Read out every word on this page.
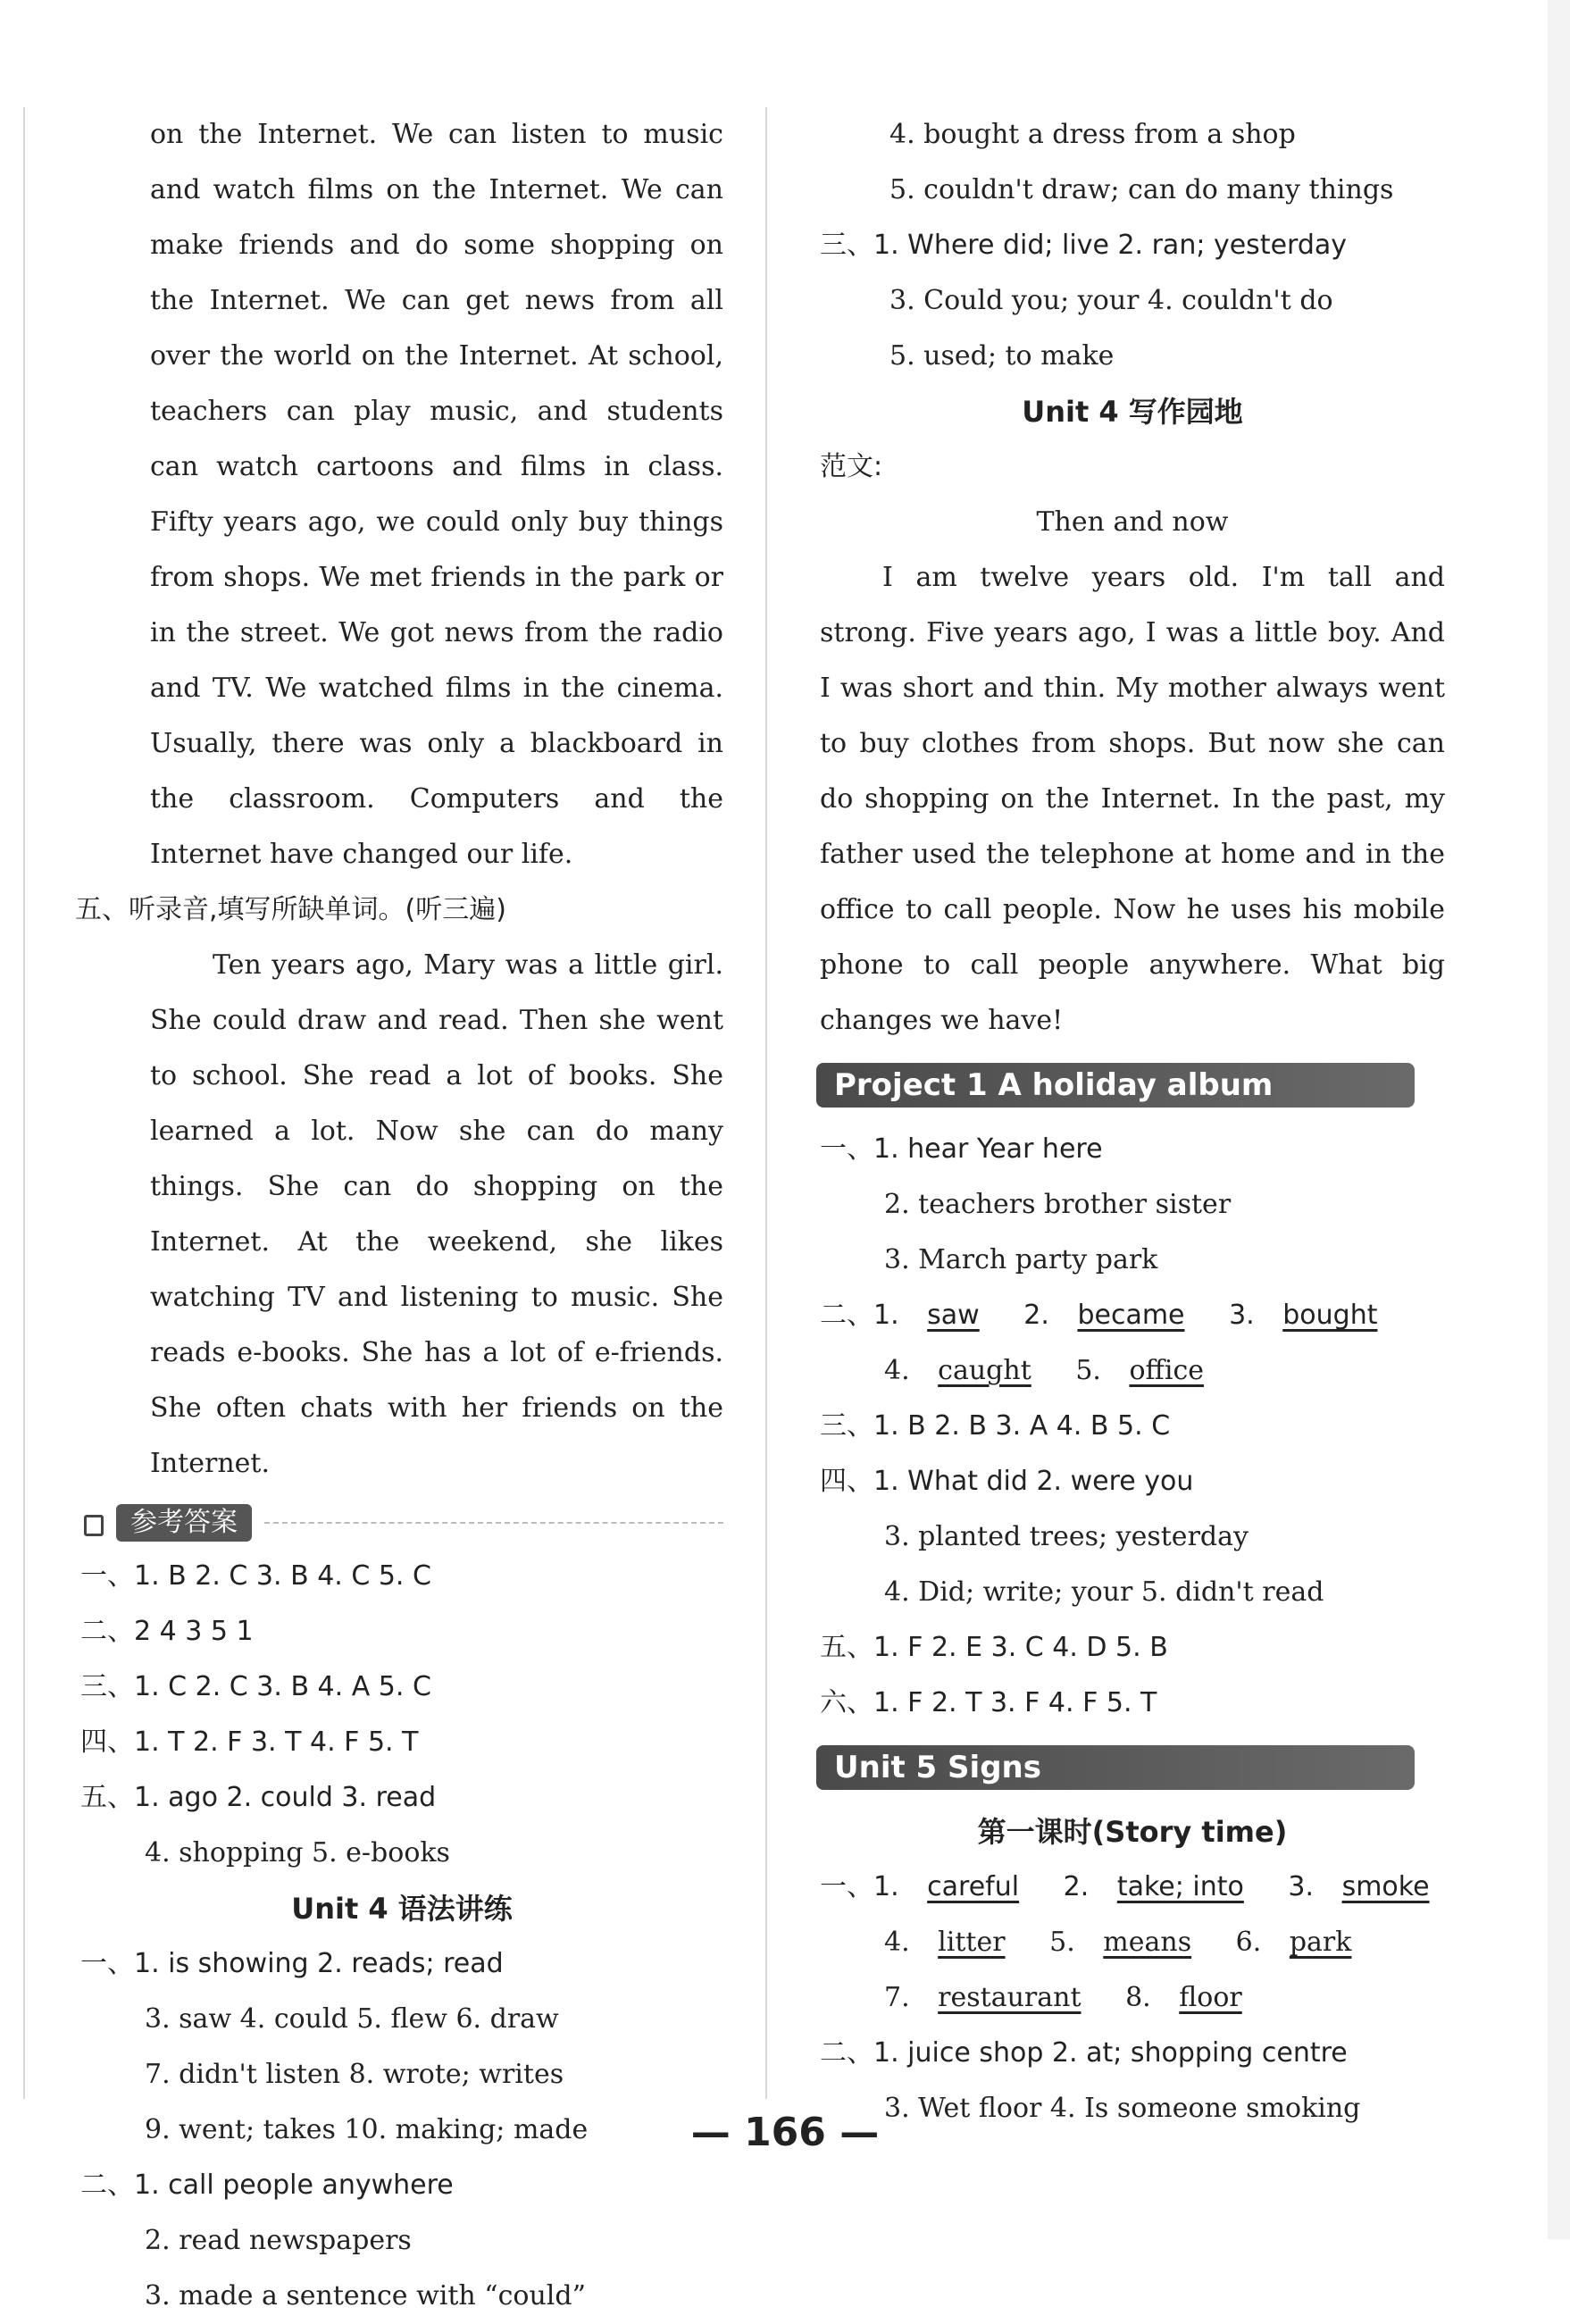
on the Internet. We can listen to music and watch films on the Internet. We can make friends and do some shopping on the Internet. We can get news from all over the world on the Internet. At school, teachers can play music, and students can watch cartoons and films in class. Fifty years ago, we could only buy things from shops. We met friends in the park or in the street. We got news from the radio and TV. We watched films in the cinema. Usually, there was only a blackboard in the classroom. Computers and the Internet have changed our life.
五、听录音,填写所缺单词。(听三遍)
Ten years ago, Mary was a little girl. She could draw and read. Then she went to school. She read a lot of books. She learned a lot. Now she can do many things. She can do shopping on the Internet. At the weekend, she likes watching TV and listening to music. She reads e-books. She has a lot of e-friends. She often chats with her friends on the Internet.
参考答案
一、1. B 2. C 3. B 4. C 5. C
二、2 4 3 5 1
三、1. C 2. C 3. B 4. A 5. C
四、1. T 2. F 3. T 4. F 5. T
五、1. ago 2. could 3. read
4. shopping 5. e-books
Unit 4 语法讲练
一、1. is showing 2. reads; read
3. saw 4. could 5. flew 6. draw
7. didn't listen 8. wrote; writes
9. went; takes 10. making; made
二、1. call people anywhere
2. read newspapers
3. made a sentence with “could”
4. bought a dress from a shop
5. couldn't draw; can do many things
三、1. Where did; live 2. ran; yesterday
3. Could you; your 4. couldn't do
5. used; to make
Unit 4 写作园地
范文:
Then and now
I am twelve years old. I'm tall and strong. Five years ago, I was a little boy. And I was short and thin. My mother always went to buy clothes from shops. But now she can do shopping on the Internet. In the past, my father used the telephone at home and in the office to call people. Now he uses his mobile phone to call people anywhere. What big changes we have!
Project 1 A holiday album
一、1. hear Year here
2. teachers brother sister
3. March party park
二、1. saw 2. became 3. bought
4. caught 5. office
三、1. B 2. B 3. A 4. B 5. C
四、1. What did 2. were you
3. planted trees; yesterday
4. Did; write; your 5. didn't read
五、1. F 2. E 3. C 4. D 5. B
六、1. F 2. T 3. F 4. F 5. T
Unit 5 Signs
第一课时(Story time)
一、1. careful 2. take; into 3. smoke
4. litter 5. means 6. park
7. restaurant 8. floor
二、1. juice shop 2. at; shopping centre
3. Wet floor 4. Is someone smoking
— 166 —
